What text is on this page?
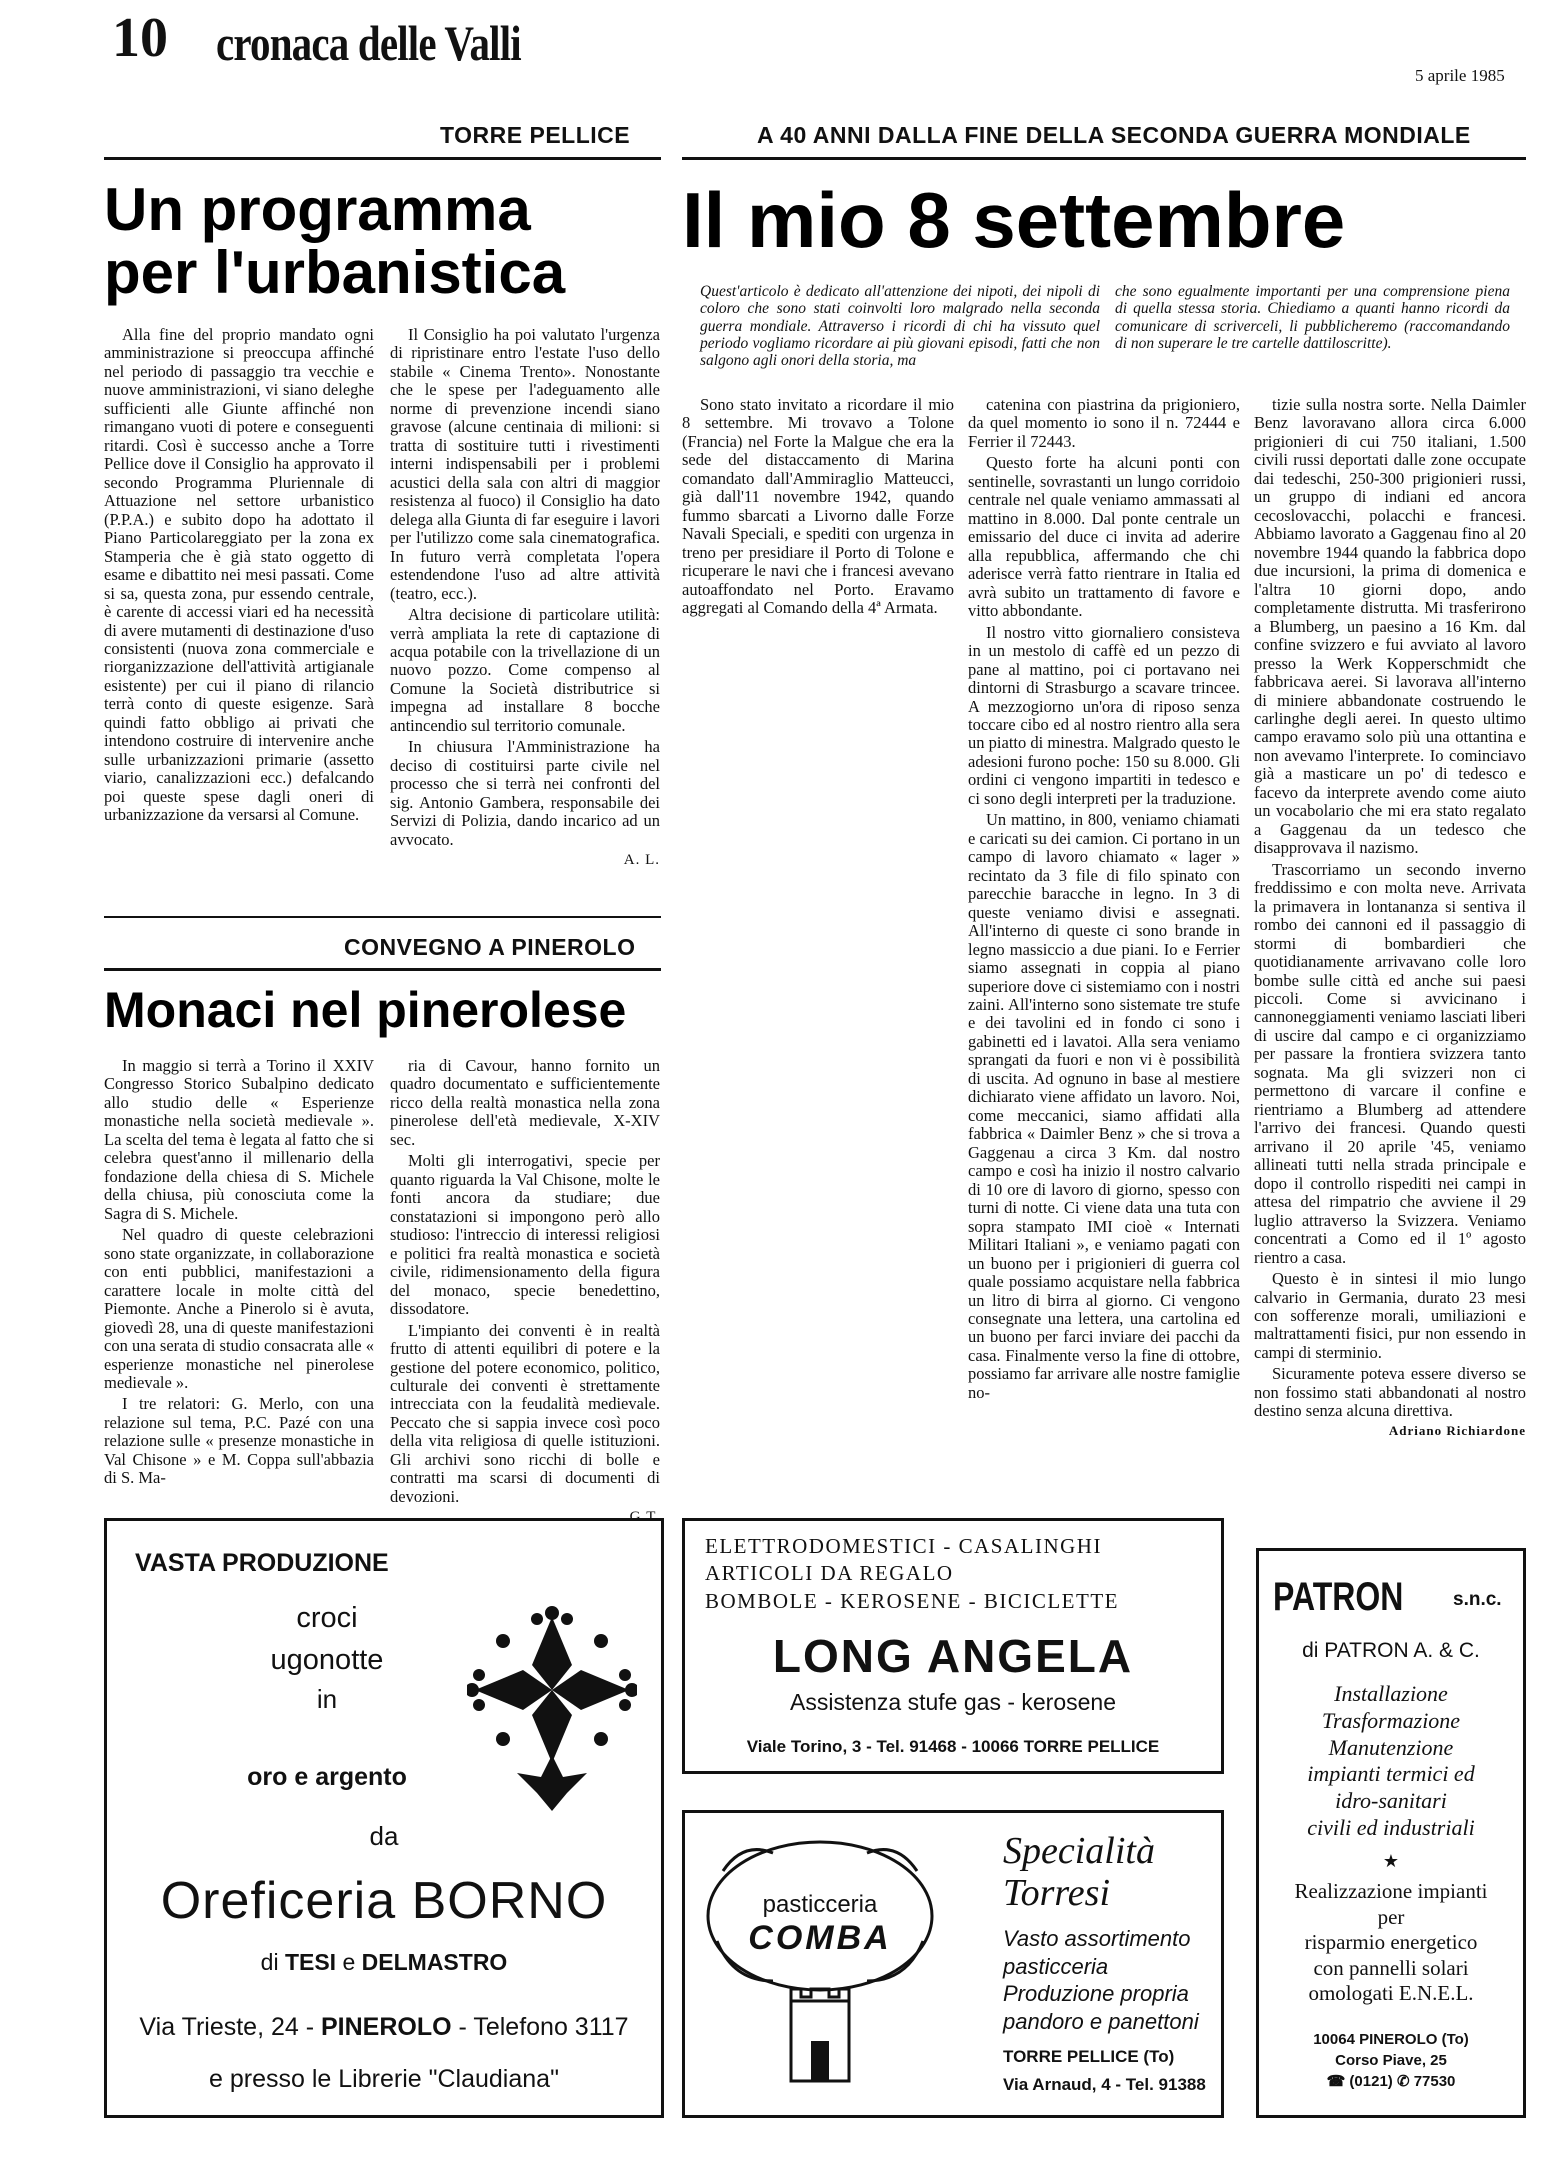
10 cronaca delle Valli
5 aprile 1985
TORRE PELLICE
Un programma
per l'urbanistica

Alla fine del proprio mandato ogni amministrazione si preoccupa affinché nel periodo di passaggio tra vecchie e nuove amministrazioni, vi siano deleghe sufficienti alle Giunte affinché non rimangano vuoti di potere e conseguenti ritardi. Così è successo anche a Torre Pellice dove il Consiglio ha approvato il secondo Programma Pluriennale di Attuazione nel settore urbanistico (P.P.A.) e subito dopo ha adottato il Piano Particolareggiato per la zona ex Stamperia che è già stato oggetto di esame e dibattito nei mesi passati. Come si sa, questa zona, pur essendo centrale, è carente di accessi viari ed ha necessità di avere mutamenti di destinazione d'uso consistenti (nuova zona commerciale e riorganizzazione dell'attività artigianale esistente) per cui il piano di rilancio terrà conto di queste esigenze. Sarà quindi fatto obbligo ai privati che intendono costruire di intervenire anche sulle urbanizzazioni primarie (assetto viario, canalizzazioni ecc.) defalcando poi queste spese dagli oneri di urbanizzazione da versarsi al Comune.

Il Consiglio ha poi valutato l'urgenza di ripristinare entro l'estate l'uso dello stabile « Cinema Trento». Nonostante che le spese per l'adeguamento alle norme di prevenzione incendi siano gravose (alcune centinaia di milioni: si tratta di sostituire tutti i rivestimenti interni indispensabili per i problemi acustici della sala con altri di maggior resistenza al fuoco) il Consiglio ha dato delega alla Giunta di far eseguire i lavori per l'utilizzo come sala cinematografica. In futuro verrà completata l'opera estendendone l'uso ad altre attività (teatro, ecc.).

Altra decisione di particolare utilità: verrà ampliata la rete di captazione di acqua potabile con la trivellazione di un nuovo pozzo. Come compenso al Comune la Società distributrice si impegna ad installare 8 bocche antincendio sul territorio comunale.

In chiusura l'Amministrazione ha deciso di costituirsi parte civile nel processo che si terrà nei confronti del sig. Antonio Gambera, responsabile dei Servizi di Polizia, dando incarico ad un avvocato.

A. L.
CONVEGNO A PINEROLO
Monaci nel pinerolese

In maggio si terrà a Torino il XXIV Congresso Storico Subalpino dedicato allo studio delle « Esperienze monastiche nella società medievale ». La scelta del tema è legata al fatto che si celebra quest'anno il millenario della fondazione della chiesa di S. Michele della chiusa, più conosciuta come la Sagra di S. Michele.

Nel quadro di queste celebrazioni sono state organizzate, in collaborazione con enti pubblici, manifestazioni a carattere locale in molte città del Piemonte. Anche a Pinerolo si è avuta, giovedì 28, una di queste manifestazioni con una serata di studio consacrata alle « esperienze monastiche nel pinerolese medievale ».

I tre relatori: G. Merlo, con una relazione sul tema, P.C. Pazé con una relazione sulle « presenze monastiche in Val Chisone » e M. Coppa sull'abbazia di S. Ma-

ria di Cavour, hanno fornito un quadro documentato e sufficientemente ricco della realtà monastica nella zona pinerolese dell'età medievale, X-XIV sec.

Molti gli interrogativi, specie per quanto riguarda la Val Chisone, molte le fonti ancora da studiare; due constatazioni si impongono però allo studioso: l'intreccio di interessi religiosi e politici fra realtà monastica e società civile, ridimensionamento della figura del monaco, specie benedettino, dissodatore.

L'impianto dei conventi è in realtà frutto di attenti equilibri di potere e la gestione del potere economico, politico, culturale dei conventi è strettamente intrecciata con la feudalità medievale. Peccato che si sappia invece così poco della vita religiosa di quelle istituzioni. Gli archivi sono ricchi di bolle e contratti ma scarsi di documenti di devozioni.

G.T.
A 40 ANNI DALLA FINE DELLA SECONDA GUERRA MONDIALE
Il mio 8 settembre
Quest'articolo è dedicato all'attenzione dei nipoti, dei nipoli di coloro che sono stati coinvolti loro malgrado nella seconda guerra mondiale. Attraverso i ricordi di chi ha vissuto quel periodo vogliamo ricordare ai più giovani episodi, fatti che non salgono agli onori della storia, ma
che sono egualmente importanti per una comprensione piena di quella stessa storia. Chiediamo a quanti hanno ricordi da comunicare di scriverceli, li pubblicheremo (raccomandando di non superare le tre cartelle dattiloscritte).

Sono stato invitato a ricordare il mio 8 settembre. Mi trovavo a Tolone (Francia) nel Forte la Malgue che era la sede del distaccamento di Marina comandato dall'Ammiraglio Matteucci, già dall'11 novembre 1942, quando fummo sbarcati a Livorno dalle Forze Navali Speciali, e spediti con urgenza in treno per presidiare il Porto di Tolone e ricuperare le navi che i francesi avevano autoaffondato nel Porto. Eravamo aggregati al Comando della 4ª Armata.

catenina con piastrina da prigioniero, da quel momento io sono il n. 72444 e Ferrier il 72443.

Questo forte ha alcuni ponti con sentinelle, sovrastanti un lungo corridoio centrale nel quale veniamo ammassati al mattino in 8.000. Dal ponte centrale un emissario del duce ci invita ad aderire alla repubblica, affermando che chi aderisce verrà fatto rientrare in Italia ed avrà subito un trattamento di favore e vitto abbondante.

Il nostro vitto giornaliero consisteva in un mestolo di caffè ed un pezzo di pane al mattino, poi ci portavano nei dintorni di Strasburgo a scavare trincee. A mezzogiorno un'ora di riposo senza toccare cibo ed al nostro rientro alla sera un piatto di minestra. Malgrado questo le adesioni furono poche: 150 su 8.000. Gli ordini ci vengono impartiti in tedesco e ci sono degli interpreti per la traduzione.

Un mattino, in 800, veniamo chiamati e caricati su dei camion. Ci portano in un campo di lavoro chiamato « lager » recintato da 3 file di filo spinato con parecchie baracche in legno. In 3 di queste veniamo divisi e assegnati. All'interno di queste ci sono brande in legno massiccio a due piani. Io e Ferrier siamo assegnati in coppia al piano superiore dove ci sistemiamo con i nostri zaini. All'interno sono sistemate tre stufe e dei tavolini ed in fondo ci sono i gabinetti ed i lavatoi. Alla sera veniamo sprangati da fuori e non vi è possibilità di uscita. Ad ognuno in base al mestiere dichiarato viene affidato un lavoro. Noi, come meccanici, siamo affidati alla fabbrica « Daimler Benz » che si trova a Gaggenau a circa 3 Km. dal nostro campo e così ha inizio il nostro calvario di 10 ore di lavoro di giorno, spesso con turni di notte. Ci viene data una tuta con sopra stampato IMI cioè « Internati Militari Italiani », e veniamo pagati con un buono per i prigionieri di guerra col quale possiamo acquistare nella fabbrica un litro di birra al giorno. Ci vengono consegnate una lettera, una cartolina ed un buono per farci inviare dei pacchi da casa. Finalmente verso la fine di ottobre, possiamo far arrivare alle nostre famiglie no-

tizie sulla nostra sorte. Nella Daimler Benz lavoravano allora circa 6.000 prigionieri di cui 750 italiani, 1.500 civili russi deportati dalle zone occupate dai tedeschi, 250-300 prigionieri russi, un gruppo di indiani ed ancora cecoslovacchi, polacchi e francesi. Abbiamo lavorato a Gaggenau fino al 20 novembre 1944 quando la fabbrica dopo due incursioni, la prima di domenica e l'altra 10 giorni dopo, ando completamente distrutta. Mi trasferirono a Blumberg, un paesino a 16 Km. dal confine svizzero e fui avviato al lavoro presso la Werk Kopperschmidt che fabbricava aerei. Si lavorava all'interno di miniere abbandonate costruendo le carlinghe degli aerei. In questo ultimo campo eravamo solo più una ottantina e non avevamo l'interprete. Io cominciavo già a masticare un po' di tedesco e facevo da interprete avendo come aiuto un vocabolario che mi era stato regalato a Gaggenau da un tedesco che disapprovava il nazismo.

Trascorriamo un secondo inverno freddissimo e con molta neve. Arrivata la primavera in lontananza si sentiva il rombo dei cannoni ed il passaggio di stormi di bombardieri che quotidianamente arrivavano colle loro bombe sulle città ed anche sui paesi piccoli. Come si avvicinano i cannoneggiamenti veniamo lasciati liberi di uscire dal campo e ci organizziamo per passare la frontiera svizzera tanto sognata. Ma gli svizzeri non ci permettono di varcare il confine e rientriamo a Blumberg ad attendere l'arrivo dei francesi. Quando questi arrivano il 20 aprile '45, veniamo allineati tutti nella strada principale e dopo il controllo rispediti nei campi in attesa del rimpatrio che avviene il 29 luglio attraverso la Svizzera. Veniamo concentrati a Como ed il 1º agosto rientro a casa.

Questo è in sintesi il mio lungo calvario in Germania, durato 23 mesi con sofferenze morali, umiliazioni e maltrattamenti fisici, pur non essendo in campi di sterminio.

Sicuramente poteva essere diverso se non fossimo stati abbandonati al nostro destino senza alcuna direttiva.

Adriano Richiardone
VASTA PRODUZIONE
croci
ugonotte
in
oro e argento
da
Oreficeria BORNO
di TESI e DELMASTRO
Via Trieste, 24 - PINEROLO - Telefono 3117
e presso le Librerie "Claudiana"
ELETTRODOMESTICI - CASALINGHI
ARTICOLI DA REGALO
BOMBOLE - KEROSENE - BICICLETTE
LONG ANGELA
Assistenza stufe gas - kerosene
Viale Torino, 3 - Tel. 91468 - 10066 TORRE PELLICE
pasticceria
COMBA
Specialità
Torresi
Vasto assortimento
pasticceria
Produzione propria
pandoro e panettoni
TORRE PELLICE (To)
Via Arnaud, 4 - Tel. 91388
PATRON	s.n.c.
di PATRON A. & C.
Installazione
Trasformazione
Manutenzione
impianti termici ed
idro-sanitari
civili ed industriali
★
Realizzazione impianti
per
risparmio energetico
con pannelli solari
omologati E.N.E.L.
10064 PINEROLO (To)
Corso Piave, 25
☎ (0121) ✆ 77530
